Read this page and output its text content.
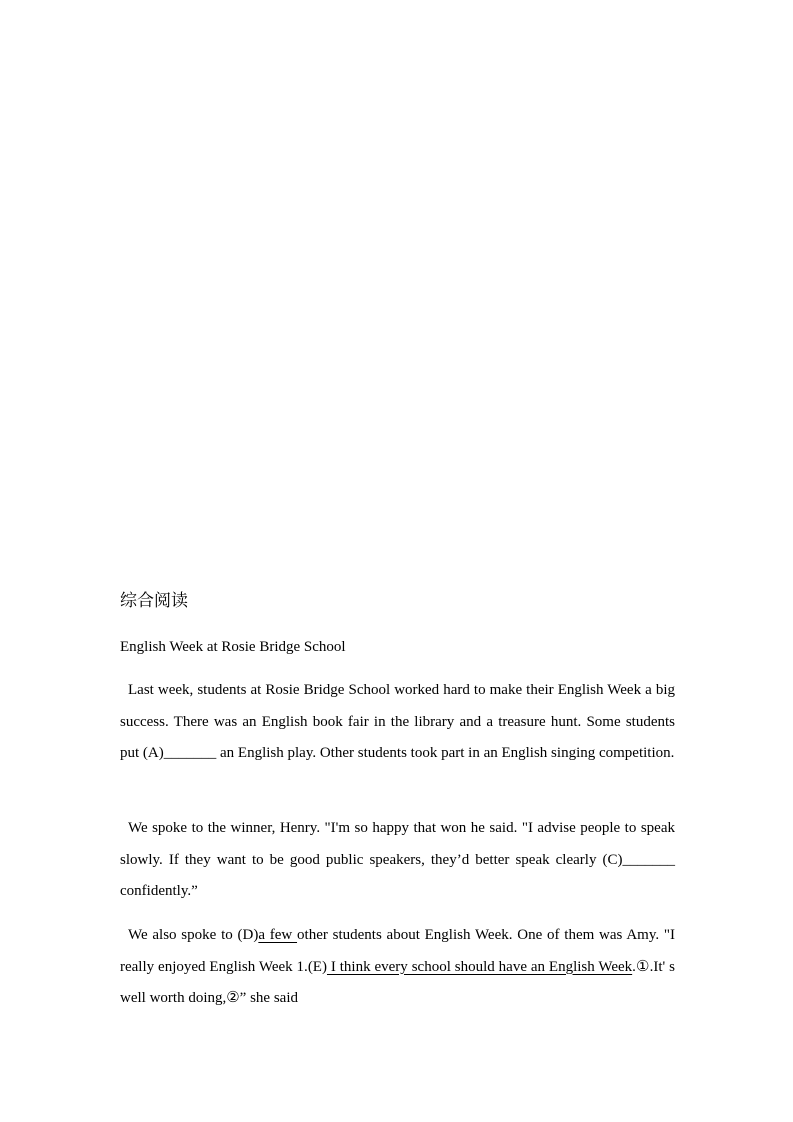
综合阅读
English Week at Rosie Bridge School

Last week, students at Rosie Bridge School worked hard to make their English Week a big success. There was an English book fair in the library and a treasure hunt. Some students put (A)_______ an English play. Other students took part in an English singing competition.

We spoke to the winner, Henry. "I'm so happy that won he said. "I advise people to speak slowly. If they want to be good public speakers, they’d better speak clearly (C)_______ confidently.”

We also spoke to (D)a few other students about English Week. One of them was Amy. "I really enjoyed English Week 1.(E) I think every school should have an English Week.①.It' s well worth doing,②” she said
